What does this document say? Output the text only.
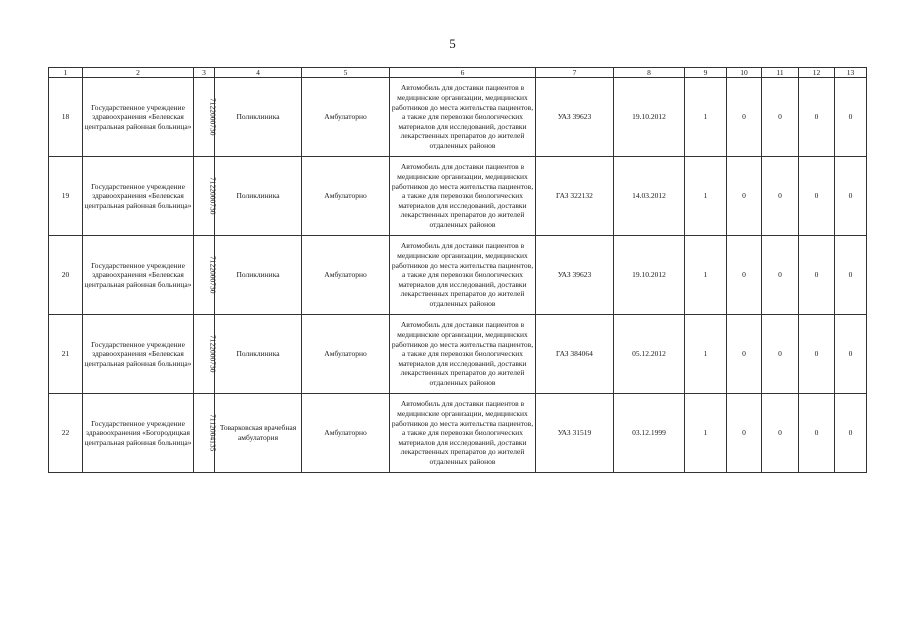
5
1	2	3	4	5	6	7	8	9	10	11	12	13
18	Государственное учреждение здравоохранения «Белевская центральная районная больница»	7122000730	Поликлиника	Амбулаторно	Автомобиль для доставки пациентов в медицинские организации, медицинских работников до места жительства пациентов, а также для перевозки биологических материалов для исследований, доставки лекарственных препаратов до жителей отдаленных районов	УАЗ 39623	19.10.2012	1	0	0	0	0
19	Государственное учреждение здравоохранения «Белевская центральная районная больница»	7122000730	Поликлиника	Амбулаторно	Автомобиль для доставки пациентов в медицинские организации, медицинских работников до места жительства пациентов, а также для перевозки биологических материалов для исследований, доставки лекарственных препаратов до жителей отдаленных районов	ГАЗ 322132	14.03.2012	1	0	0	0	0
20	Государственное учреждение здравоохранения «Белевская центральная районная больница»	7122000730	Поликлиника	Амбулаторно	Автомобиль для доставки пациентов в медицинские организации, медицинских работников до места жительства пациентов, а также для перевозки биологических материалов для исследований, доставки лекарственных препаратов до жителей отдаленных районов	УАЗ 39623	19.10.2012	1	0	0	0	0
21	Государственное учреждение здравоохранения «Белевская центральная районная больница»	7122000730	Поликлиника	Амбулаторно	Автомобиль для доставки пациентов в медицинские организации, медицинских работников до места жительства пациентов, а также для перевозки биологических материалов для исследований, доставки лекарственных препаратов до жителей отдаленных районов	ГАЗ 384064	05.12.2012	1	0	0	0	0
22	Государственное учреждение здравоохранения «Богородицкая центральная районная больница»	7112004135	Товарковская врачебная амбулатория	Амбулаторно	Автомобиль для доставки пациентов в медицинские организации, медицинских работников до места жительства пациентов, а также для перевозки биологических материалов для исследований, доставки лекарственных препаратов до жителей отдаленных районов	УАЗ 31519	03.12.1999	1	0	0	0	0
